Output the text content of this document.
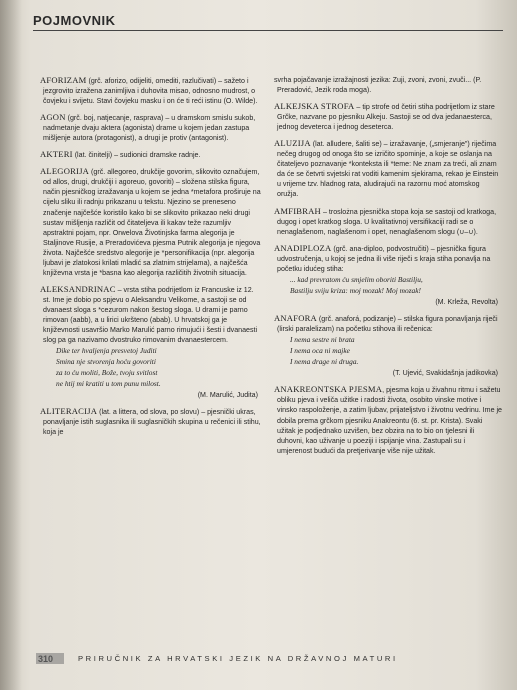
POJMOVNIK
AFORIZAM (grč. aforizo, odijeliti, omediti, razlučivati) – sažeto i jezgrovito izražena zanimljiva i duhovita misao, odnosno mudrost, o čovjeku i svijetu. Stavi čovjeku masku i on će ti reći istinu (O. Wilde).
AGON (grč. boj, natjecanje, rasprava) – u dramskom smislu sukob, nadmetanje dvaju aktera (agonista) drame u kojem jedan zastupa mišljenje autora (protagonist), a drugi je protiv (antagonist).
AKTERI (lat. činitelji) – sudionici dramske radnje.
ALEGORIJA (grč. allegoreo, drukčije govorim, slikovito označujem, od allos, drugi, drukčiji i agoreuo, govoriti) – složena stilska figura, način pjesničkog izražavanja u kojem se jedna *metafora proširuje na cijelu sliku ili radnju prikazanu u tekstu. Njezino se preneseno značenje najčešće koristilo kako bi se slikovito prikazao neki drugi sustav mišljenja različit od čitateljeva ili kakav teže razumljiv apstraktni pojam, npr. Orwelova Životinjska farma alegorija je Staljinove Rusije, a Preradovićeva pjesma Putnik alegorija je njegova života. Najčešće sredstvo alegorije je *personifikacija (npr. alegorija ljubavi je zlatokosi krilati mladić sa zlatnim strijelama), a najčešća književna vrsta je *basna kao alegorija različitih životnih situacija.
ALEKSANDRINAC – vrsta stiha podrijetlom iz Francuske iz 12. st. Ime je dobio po spjevu o Aleksandru Velikome, a sastoji se od dvanaest sloga s *cezurom nakon šestog sloga. U drami je parno rimovan (aabb), a u lirici ukršteno (abab). U hrvatskoj ga je književnosti usavršio Marko Marulić parno rimujući i šesti i dvanaesti slog pa ga nazivamo dvostruko rimovanim dvanaestercem.
Dike ter hvaljenja presvetoj Juditi
Smina nje stvorenja hoću govoriti
za to ću moliti, Bože, tvoju svitlost
ne htij mi kratiti u tom punu milost.
(M. Marulić, Judita)
ALITERACIJA (lat. a littera, od slova, po slovu) – pjesnički ukras, ponavljanje istih suglasnika ili suglasničkih skupina u rečenici ili stihu, koja je
svrha pojačavanje izražajnosti jezika: Zuji, zvoni, zvoni, zvuči... (P. Preradović, Jezik roda moga).
ALKEJSKA STROFA – tip strofe od četiri stiha podrijetlom iz stare Grčke, nazvane po pjesniku Alkeju. Sastoji se od dva jedanaesterca, jednog deveterca i jednog deseterca.
ALUZIJA (lat. alludere, šaliti se) – izražavanje, („smjeranje") riječima nečeg drugog od onoga što se izričito spominje, a koje se oslanja na čitateljevo poznavanje *konteksta ili *teme: Ne znam za treći, ali znam da će se četvrti svjetski rat voditi kamenim sjekirama, rekao je Einstein u vrijeme tzv. hladnog rata, aludirajući na razornu moć atomskog oružja.
AMFIBRAH – troslożna pjesnička stopa koja se sastoji od kratkoga, dugog i opet kratkog sloga. U kvalitativnoj versifikaciji radi se o nenaglašenom, naglašenom i opet, nenaglašenom slogu (∪–∪).
ANADIPLOZA (grč. ana-diploo, podvostručiti) – pjesnička figura udvostručenja, u kojoj se jedna ili više riječi s kraja stiha ponavlja na početku idućeg stiha:
... kad prevratom ću smjelim oboriti Bastilju,
Bastilju sviju kriza: moj mozak! Moj mozak!
(M. Krleža, Revolta)
ANAFORA (grč. anaforá, podizanje) – stilska figura ponavljanja riječi (lirski paralelizam) na početku stihova ili rečenica:
I nema sestre ni brata
I nema oca ni majke
I nema drage ni druga.
(T. Ujević, Svakidašnja jadikovka)
ANAKREONTSKA PJESMA, pjesma koja u živahnu ritmu i sažetu obliku pjeva i veliča užitke i radosti života, osobito vinske motive i vinsko raspoloženje, a zatim ljubav, prijateljstvo i životnu vedrinu. Ime je dobila prema grčkom pjesniku Anakreontu (6. st. pr. Krista). Svaki užitak je podjednako uzvišen, bez obzira na to bio on tjelesni ili duhovni, kao uživanje u poeziji i ispijanje vina. Zastupali su i umjerenost budući da pretjerivanje više nije užitak.
310	PRIRUČNIK ZA HRVATSKI JEZIK NA DRŽAVNOJ MATURI
